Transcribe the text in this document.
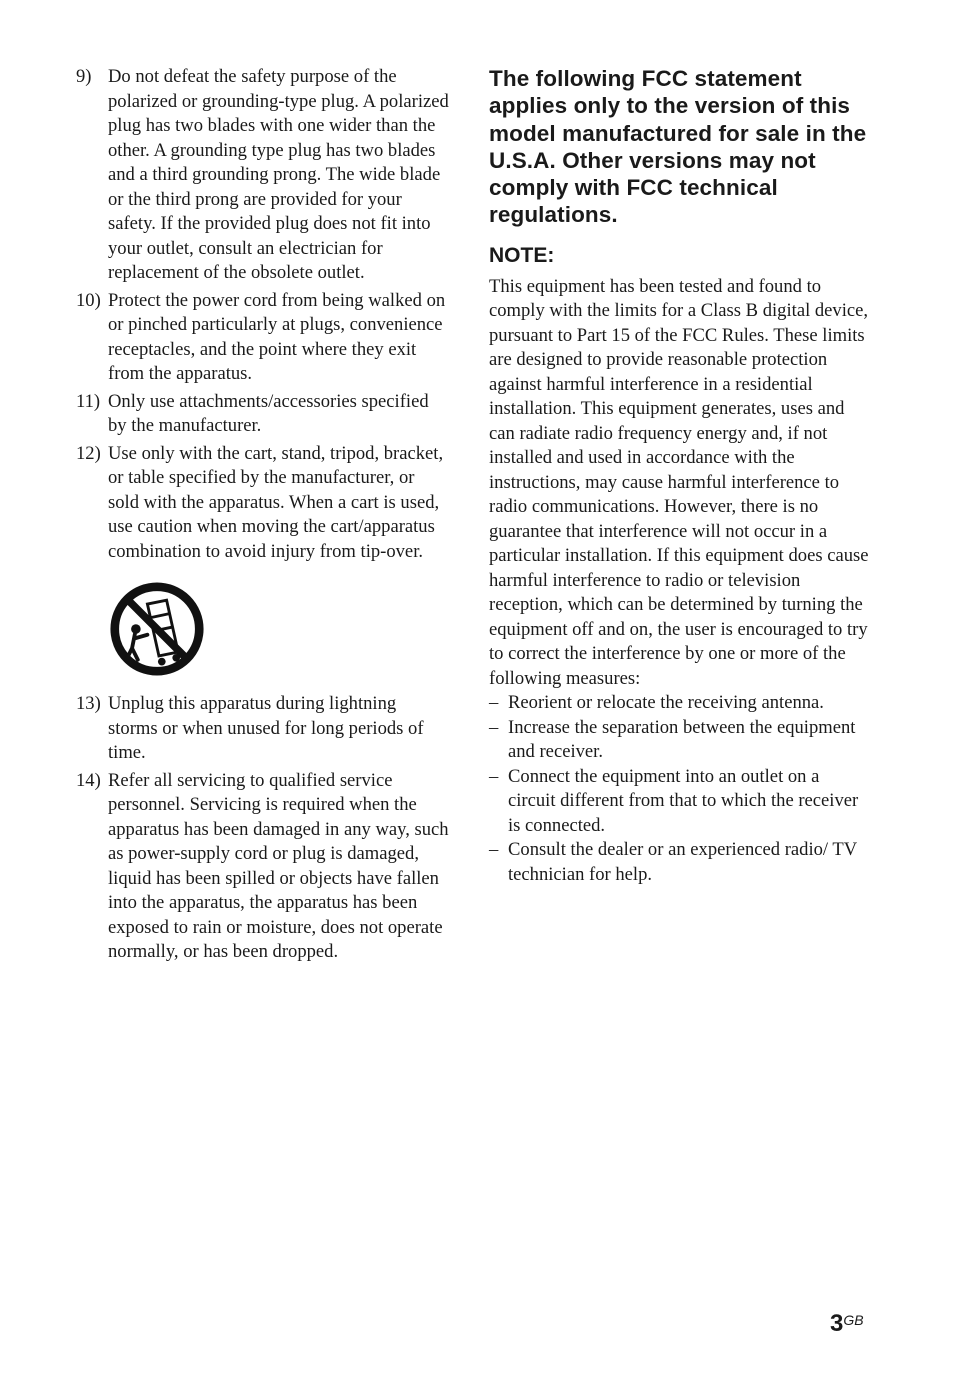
9) Do not defeat the safety purpose of the polarized or grounding-type plug. A polarized plug has two blades with one wider than the other. A grounding type plug has two blades and a third grounding prong. The wide blade or the third prong are provided for your safety. If the provided plug does not fit into your outlet, consult an electrician for replacement of the obsolete outlet.
10) Protect the power cord from being walked on or pinched particularly at plugs, convenience receptacles, and the point where they exit from the apparatus.
11) Only use attachments/accessories specified by the manufacturer.
12) Use only with the cart, stand, tripod, bracket, or table specified by the manufacturer, or sold with the apparatus. When a cart is used, use caution when moving the cart/apparatus combination to avoid injury from tip-over.
13) Unplug this apparatus during lightning storms or when unused for long periods of time.
14) Refer all servicing to qualified service personnel. Servicing is required when the apparatus has been damaged in any way, such as power-supply cord or plug is damaged, liquid has been spilled or objects have fallen into the apparatus, the apparatus has been exposed to rain or moisture, does not operate normally, or has been dropped.
The following FCC statement applies only to the version of this model manufactured for sale in the U.S.A. Other versions may not comply with FCC technical regulations.
NOTE:

This equipment has been tested and found to comply with the limits for a Class B digital device, pursuant to Part 15 of the FCC Rules. These limits are designed to provide reasonable protection against harmful interference in a residential installation. This equipment generates, uses and can radiate radio frequency energy and, if not installed and used in accordance with the instructions, may cause harmful interference to radio communications. However, there is no guarantee that interference will not occur in a particular installation. If this equipment does cause harmful interference to radio or television reception, which can be determined by turning the equipment off and on, the user is encouraged to try to correct the interference by one or more of the following measures:

– Reorient or relocate the receiving antenna.
– Increase the separation between the equipment and receiver.
– Connect the equipment into an outlet on a circuit different from that to which the receiver is connected.
– Consult the dealer or an experienced radio/ TV technician for help.
3GB
